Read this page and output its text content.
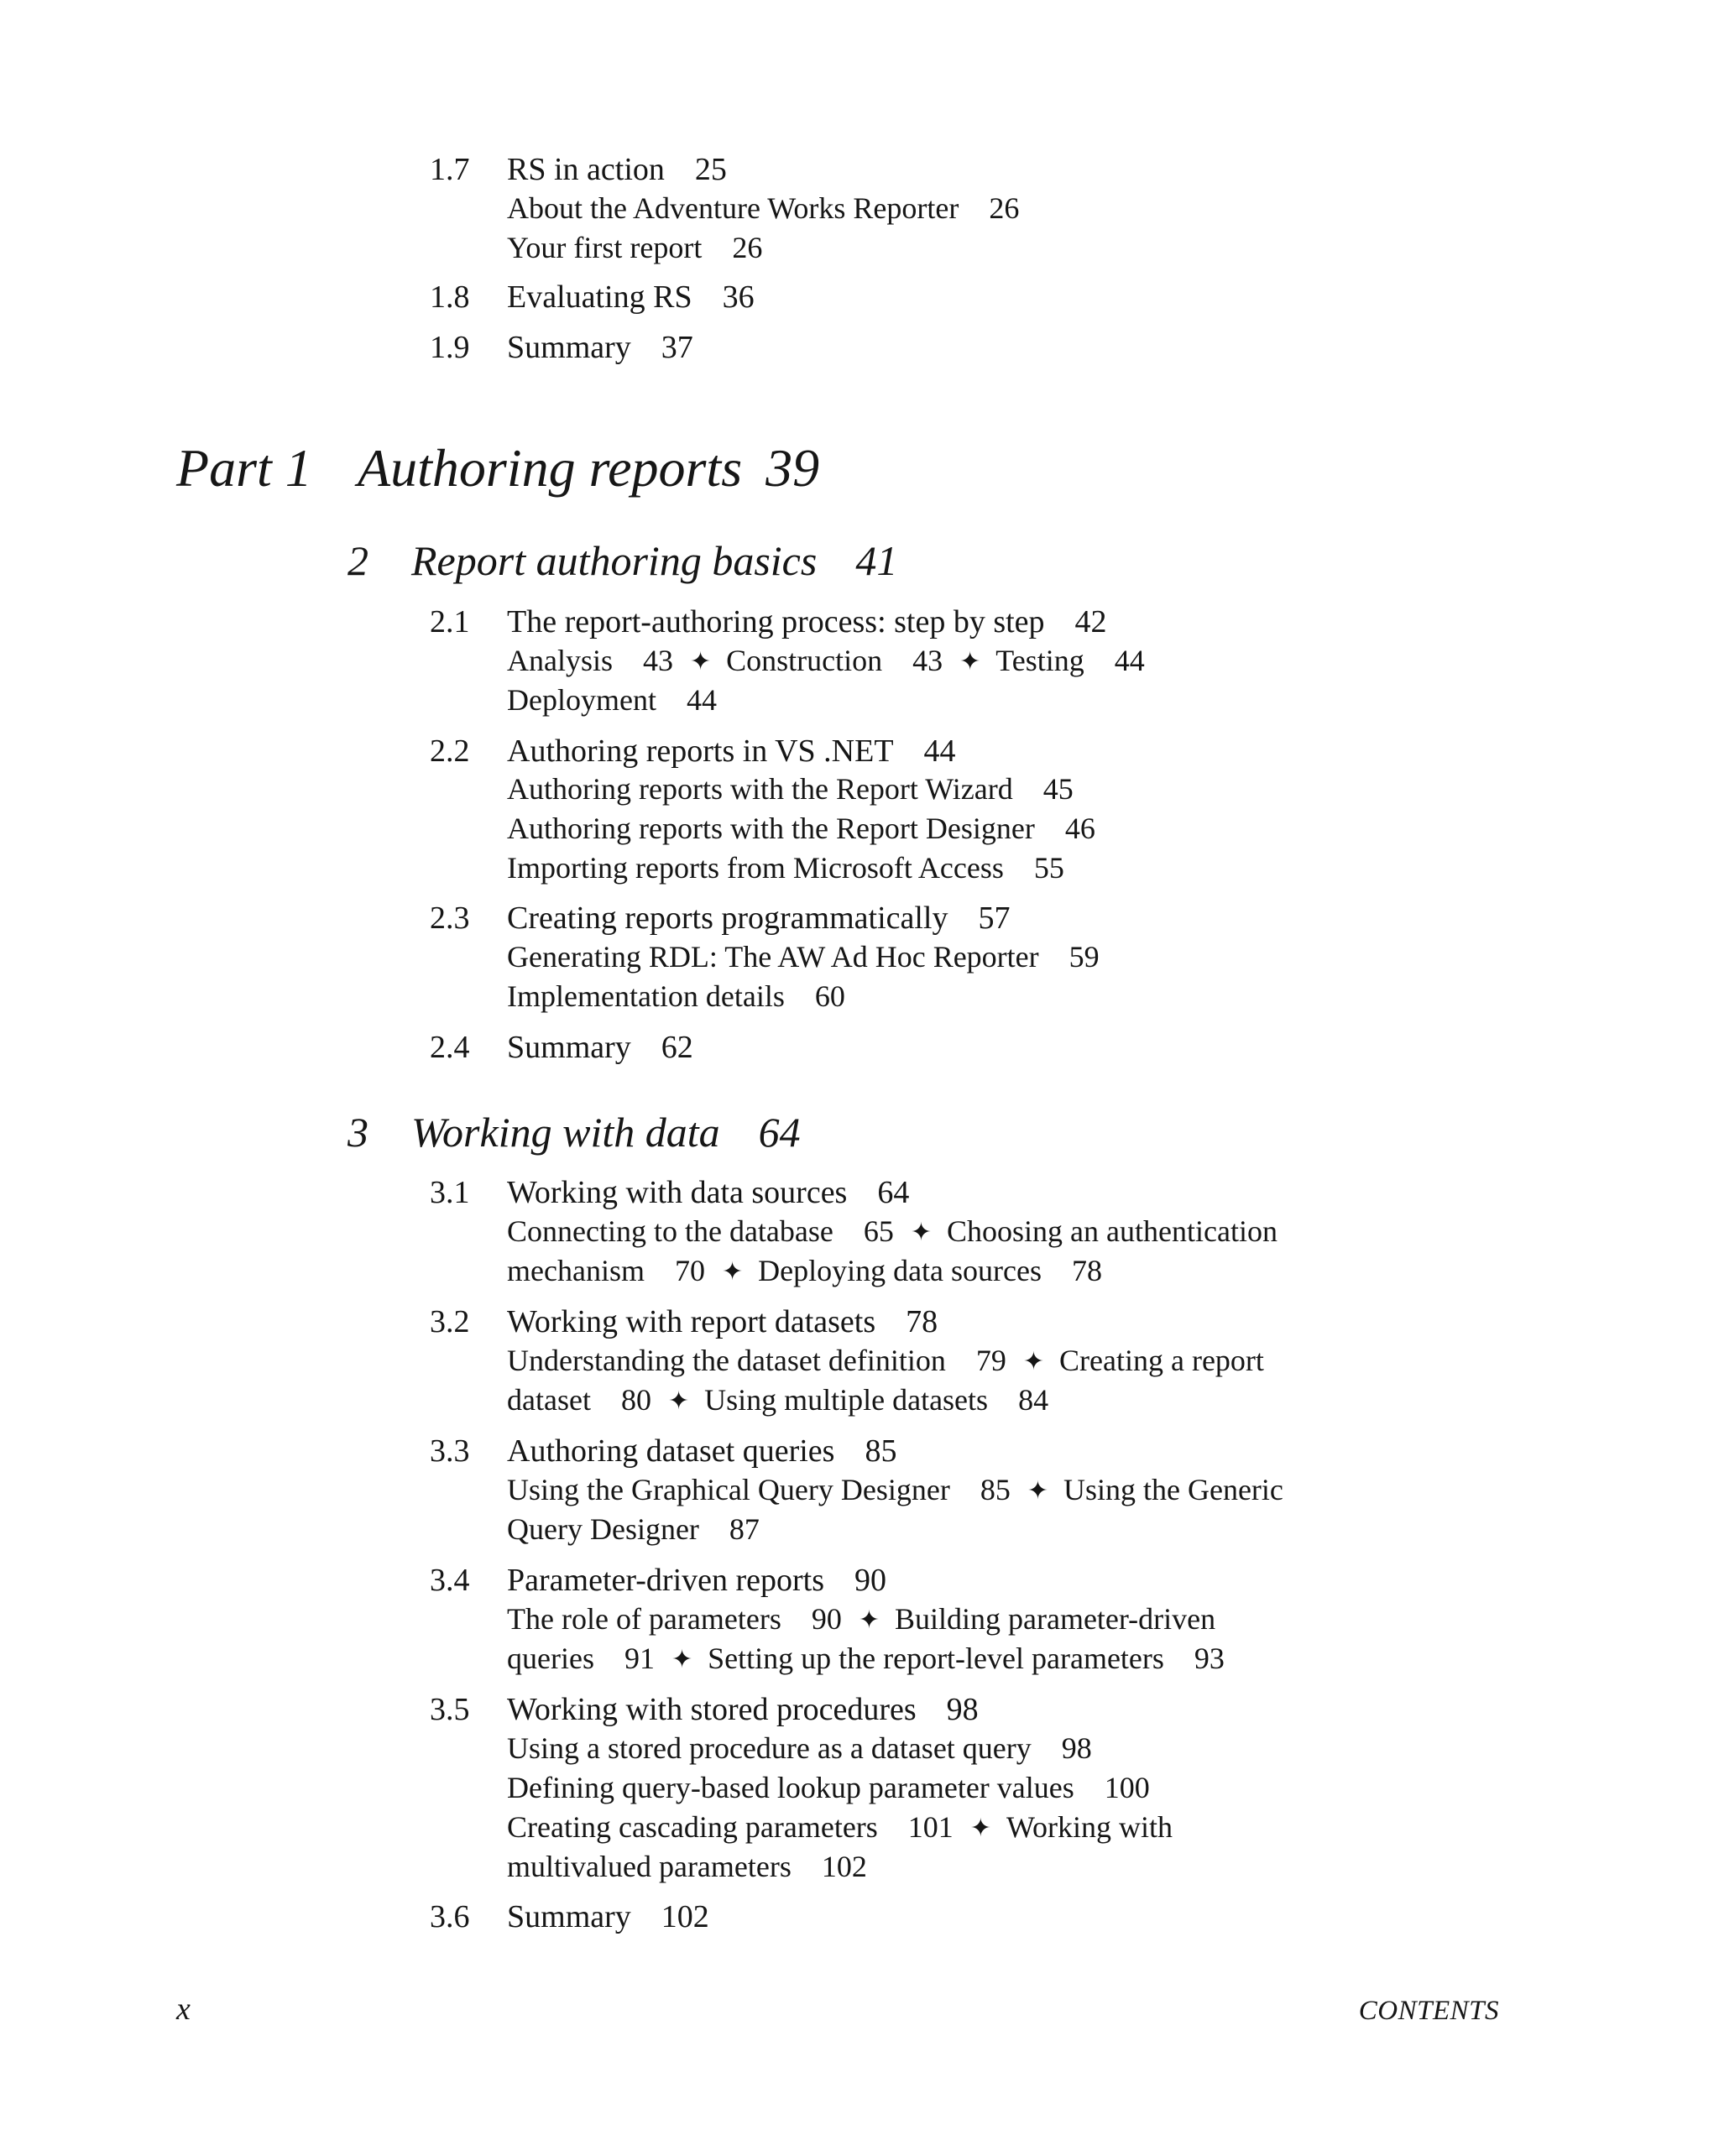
1.7	RS in action 25
About the Adventure Works Reporter 26
Your first report 26
1.8	Evaluating RS 36
1.9	Summary 37
Part 1 Authoring reports 39
2 Report authoring basics 41
2.1	The report-authoring process: step by step 42
Analysis 43 ✦ Construction 43 ✦ Testing 44
Deployment 44
2.2	Authoring reports in VS .NET 44
Authoring reports with the Report Wizard 45
Authoring reports with the Report Designer 46
Importing reports from Microsoft Access 55
2.3	Creating reports programmatically 57
Generating RDL: The AW Ad Hoc Reporter 59
Implementation details 60
2.4	Summary 62
3 Working with data 64
3.1	Working with data sources 64
Connecting to the database 65 ✦ Choosing an authentication
mechanism 70 ✦ Deploying data sources 78
3.2	Working with report datasets 78
Understanding the dataset definition 79 ✦ Creating a report
dataset 80 ✦ Using multiple datasets 84
3.3	Authoring dataset queries 85
Using the Graphical Query Designer 85 ✦ Using the Generic
Query Designer 87
3.4	Parameter-driven reports 90
The role of parameters 90 ✦ Building parameter-driven
queries 91 ✦ Setting up the report-level parameters 93
3.5	Working with stored procedures 98
Using a stored procedure as a dataset query 98
Defining query-based lookup parameter values 100
Creating cascading parameters 101 ✦ Working with
multivalued parameters 102
3.6	Summary 102
x	CONTENTS
